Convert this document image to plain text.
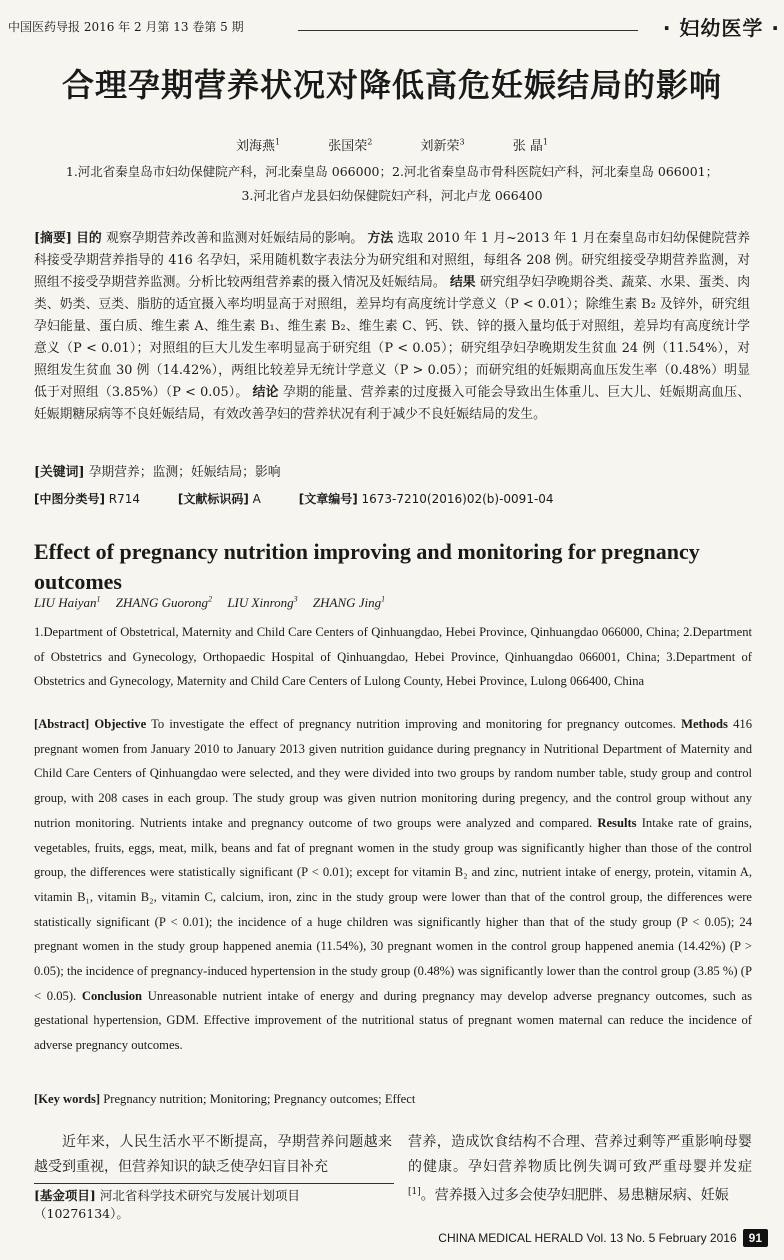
中国医药导报 2016 年 2 月第 13 卷第 5 期	· 妇幼医学 ·
合理孕期营养状况对降低高危妊娠结局的影响
刘海燕$^1$	张国荣$^2$	刘新荣$^3$	张 晶$^1$
1.河北省秦皇岛市妇幼保健院产科，河北秦皇岛 066000；2.河北省秦皇岛市骨科医院妇产科，河北秦皇岛 066001；
3.河北省卢龙县妇幼保健院妇产科，河北卢龙 066400
[摘要] 目的 观察孕期营养改善和监测对妊娠结局的影响。 方法 选取 2010 年 1 月~2013 年 1 月在秦皇岛市妇幼保健院营养科接受孕期营养指导的 416 名孕妇，采用随机数字表法分为研究组和对照组，每组各 208 例。研究组接受孕期营养监测，对照组不接受孕期营养监测。分析比较两组营养素的摄入情况及妊娠结局。 结果 研究组孕妇孕晚期谷类、蔬菜、水果、蛋类、肉类、奶类、豆类、脂肪的适宜摄入率均明显高于对照组，差异均有高度统计学意义（P < 0.01）；除维生素 B₂ 及锌外，研究组孕妇能量、蛋白质、维生素 A、维生素 B₁、维生素 B₂、维生素 C、钙、铁、锌的摄入量均低于对照组，差异均有高度统计学意义（P < 0.01）；对照组的巨大儿发生率明显高于研究组（P < 0.05）；研究组孕妇孕晚期发生贫血 24 例（11.54%），对照组发生贫血 30 例（14.42%），两组比较差异无统计学意义（P > 0.05）；而研究组的妊娠期高血压发生率（0.48%）明显低于对照组（3.85%）（P < 0.05）。 结论 孕期的能量、营养素的过度摄入可能会导致出生体重儿、巨大儿、妊娠期高血压、妊娠期糖尿病等不良妊娠结局，有效改善孕妇的营养状况有利于减少不良妊娠结局的发生。
[关键词] 孕期营养；监测；妊娠结局；影响
[中图分类号] R714	[文献标识码] A	[文章编号] 1673-7210(2016)02(b)-0091-04
Effect of pregnancy nutrition improving and monitoring for pregnancy outcomes
LIU Haiyan$^1$ ZHANG Guorong$^2$ LIU Xinrong$^3$ ZHANG Jing$^1$
1.Department of Obstetrical, Maternity and Child Care Centers of Qinhuangdao, Hebei Province, Qinhuangdao 066000, China; 2.Department of Obstetrics and Gynecology, Orthopaedic Hospital of Qinhuangdao, Hebei Province, Qinhuangdao 066001, China; 3.Department of Obstetrics and Gynecology, Maternity and Child Care Centers of Lulong County, Hebei Province, Lulong 066400, China
[Abstract] Objective To investigate the effect of pregnancy nutrition improving and monitoring for pregnancy outcomes. Methods 416 pregnant women from January 2010 to January 2013 given nutrition guidance during pregnancy in Nutritional Department of Maternity and Child Care Centers of Qinhuangdao were selected, and they were divided into two groups by random number table, study group and control group, with 208 cases in each group. The study group was given nutrion monitoring during pregency, and the control group without any nutrion monitoring. Nutrients intake and pregnancy outcome of two groups were analyzed and compared. Results Intake rate of grains, vegetables, fruits, eggs, meat, milk, beans and fat of pregnant women in the study group was significantly higher than those of the control group, the differences were statistically significant (P < 0.01); except for vitamin B₂ and zinc, nutrient intake of energy, protein, vitamin A, vitamin B₁, vitamin B₂, vitamin C, calcium, iron, zinc in the study group were lower than that of the control group, the differences were statistically significant (P < 0.01); the incidence of a huge children was significantly higher than that of the study group (P < 0.05); 24 pregnant women in the study group happened anemia (11.54%), 30 pregnant women in the control group happened anemia (14.42%) (P > 0.05); the incidence of pregnancy-induced hypertension in the study group (0.48%) was significantly lower than the control group (3.85 %) (P < 0.05). Conclusion Unreasonable nutrient intake of energy and during pregnancy may develop adverse pregnancy outcomes, such as gestational hypertension, GDM. Effective improvement of the nutritional status of pregnant women maternal can reduce the incidence of adverse pregnancy outcomes.
[Key words] Pregnancy nutrition; Monitoring; Pregnancy outcomes; Effect
近年来，人民生活水平不断提高，孕期营养问题越来越受到重视，但营养知识的缺乏使孕妇盲目补充
营养，造成饮食结构不合理、营养过剩等严重影响母婴的健康。孕妇营养物质比例失调可致严重母婴并发症[1]。营养摄入过多会使孕妇肥胖、易患糖尿病、妊娠
[基金项目] 河北省科学技术研究与发展计划项目（10276134）。
CHINA MEDICAL HERALD Vol. 13 No. 5 February 2016 91
